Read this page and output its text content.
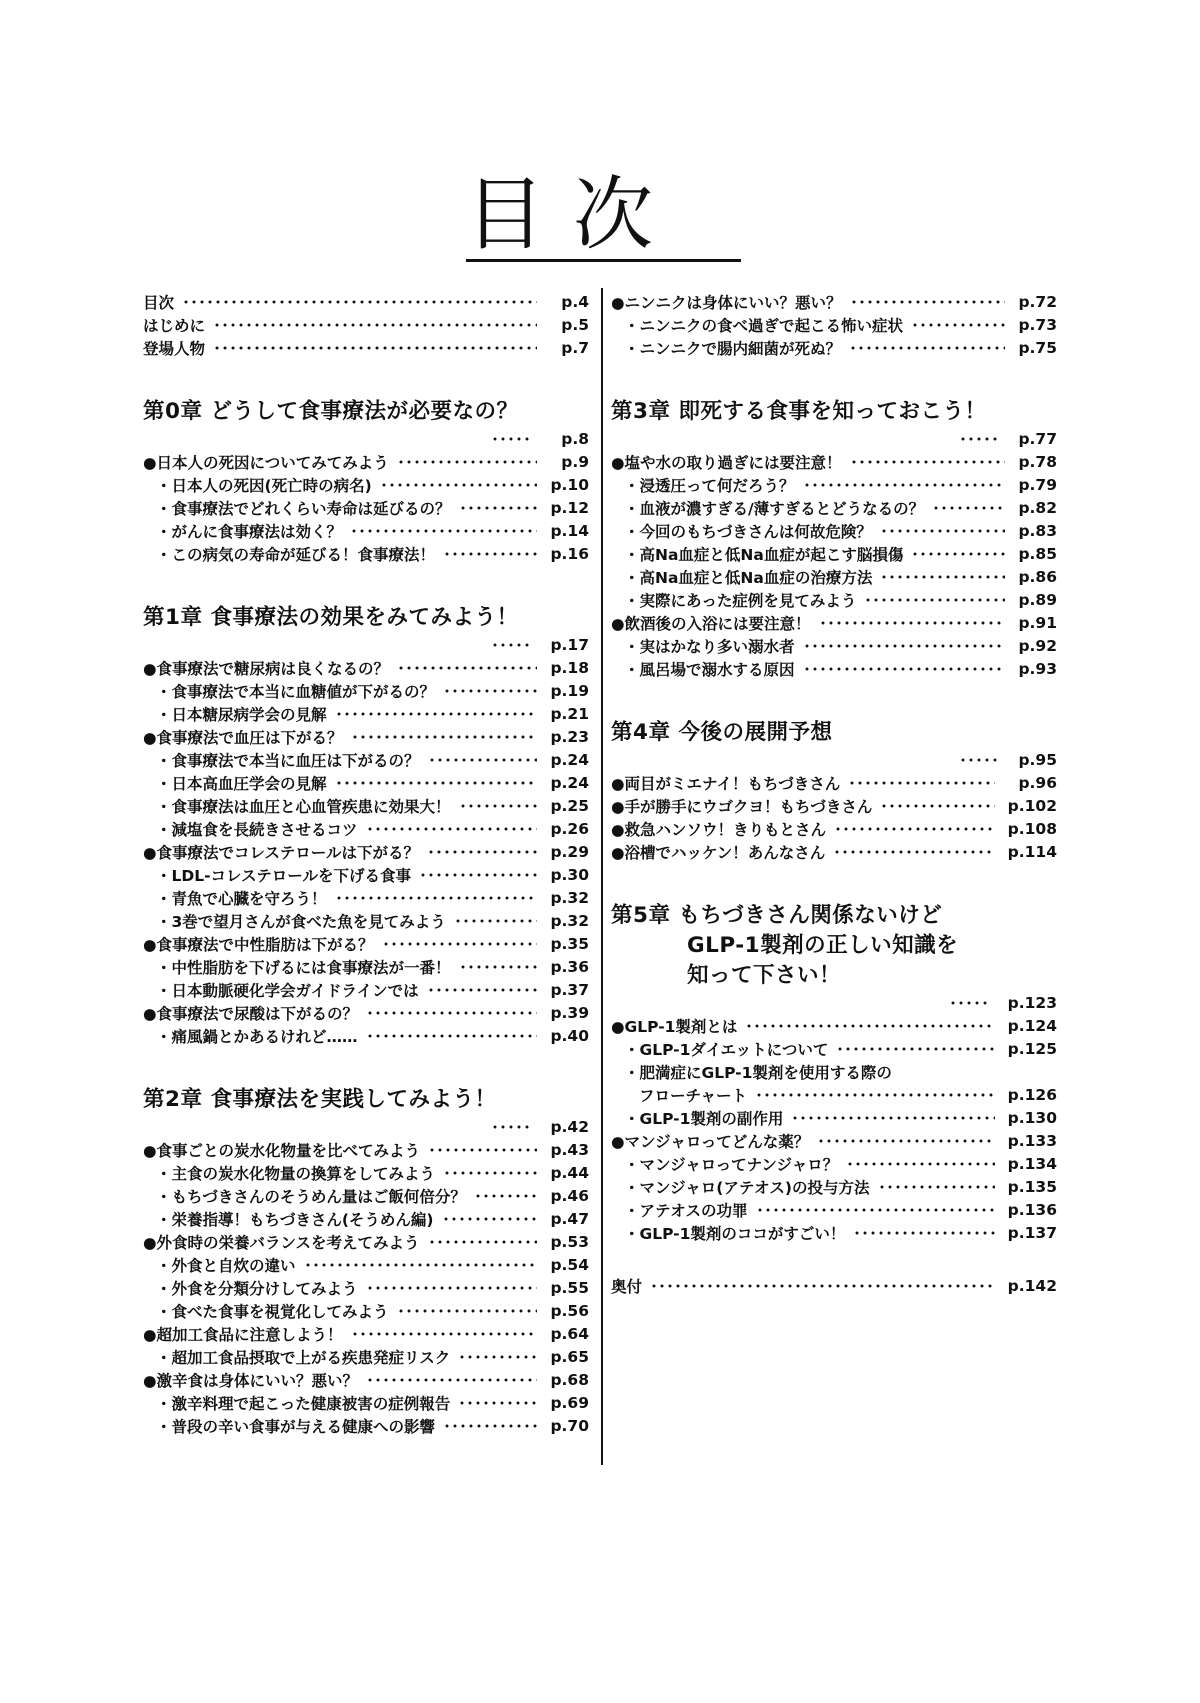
目次
目次	p.4
はじめに	p.5
登場人物	p.7
第0章 どうして食事療法が必要なの？
p.8
●日本人の死因についてみてみよう	p.9
・日本人の死因(死亡時の病名)	p.10
・食事療法でどれくらい寿命は延びるの？	p.12
・がんに食事療法は効く？	p.14
・この病気の寿命が延びる！食事療法！	p.16
第1章 食事療法の効果をみてみよう！
p.17
●食事療法で糖尿病は良くなるの？	p.18
・食事療法で本当に血糖値が下がるの？	p.19
・日本糖尿病学会の見解	p.21
●食事療法で血圧は下がる？	p.23
・食事療法で本当に血圧は下がるの？	p.24
・日本高血圧学会の見解	p.24
・食事療法は血圧と心血管疾患に効果大！	p.25
・減塩食を長続きさせるコツ	p.26
●食事療法でコレステロールは下がる？	p.29
・LDL-コレステロールを下げる食事	p.30
・青魚で心臓を守ろう！	p.32
・3巻で望月さんが食べた魚を見てみよう	p.32
●食事療法で中性脂肪は下がる？	p.35
・中性脂肪を下げるには食事療法が一番！	p.36
・日本動脈硬化学会ガイドラインでは	p.37
●食事療法で尿酸は下がるの？	p.39
・痛風鍋とかあるけれど……	p.40
第2章 食事療法を実践してみよう！
p.42
●食事ごとの炭水化物量を比べてみよう	p.43
・主食の炭水化物量の換算をしてみよう	p.44
・もちづきさんのそうめん量はご飯何倍分？	p.46
・栄養指導！もちづきさん(そうめん編)	p.47
●外食時の栄養バランスを考えてみよう	p.53
・外食と自炊の違い	p.54
・外食を分類分けしてみよう	p.55
・食べた食事を視覚化してみよう	p.56
●超加工食品に注意しよう！	p.64
・超加工食品摂取で上がる疾患発症リスク	p.65
●激辛食は身体にいい？悪い？	p.68
・激辛料理で起こった健康被害の症例報告	p.69
・普段の辛い食事が与える健康への影響	p.70
●ニンニクは身体にいい？悪い？	p.72
・ニンニクの食べ過ぎで起こる怖い症状	p.73
・ニンニクで腸内細菌が死ぬ？	p.75
第3章 即死する食事を知っておこう！
p.77
●塩や水の取り過ぎには要注意！	p.78
・浸透圧って何だろう？	p.79
・血液が濃すぎる/薄すぎるとどうなるの？	p.82
・今回のもちづきさんは何故危険？	p.83
・高Na血症と低Na血症が起こす脳損傷	p.85
・高Na血症と低Na血症の治療方法	p.86
・実際にあった症例を見てみよう	p.89
●飲酒後の入浴には要注意！	p.91
・実はかなり多い溺水者	p.92
・風呂場で溺水する原因	p.93
第4章 今後の展開予想
p.95
●両目がミエナイ！もちづきさん	p.96
●手が勝手にウゴクヨ！もちづきさん	p.102
●救急ハンソウ！きりもとさん	p.108
●浴槽でハッケン！あんなさん	p.114
第5章 もちづきさん関係ないけど
GLP-1製剤の正しい知識を
知って下さい！
p.123
●GLP-1製剤とは	p.124
・GLP-1ダイエットについて	p.125
・肥満症にGLP-1製剤を使用する際の
フローチャート	p.126
・GLP-1製剤の副作用	p.130
●マンジャロってどんな薬？	p.133
・マンジャロってナンジャロ？	p.134
・マンジャロ(アテオス)の投与方法	p.135
・アテオスの功罪	p.136
・GLP-1製剤のココがすごい！	p.137
奥付	p.142
